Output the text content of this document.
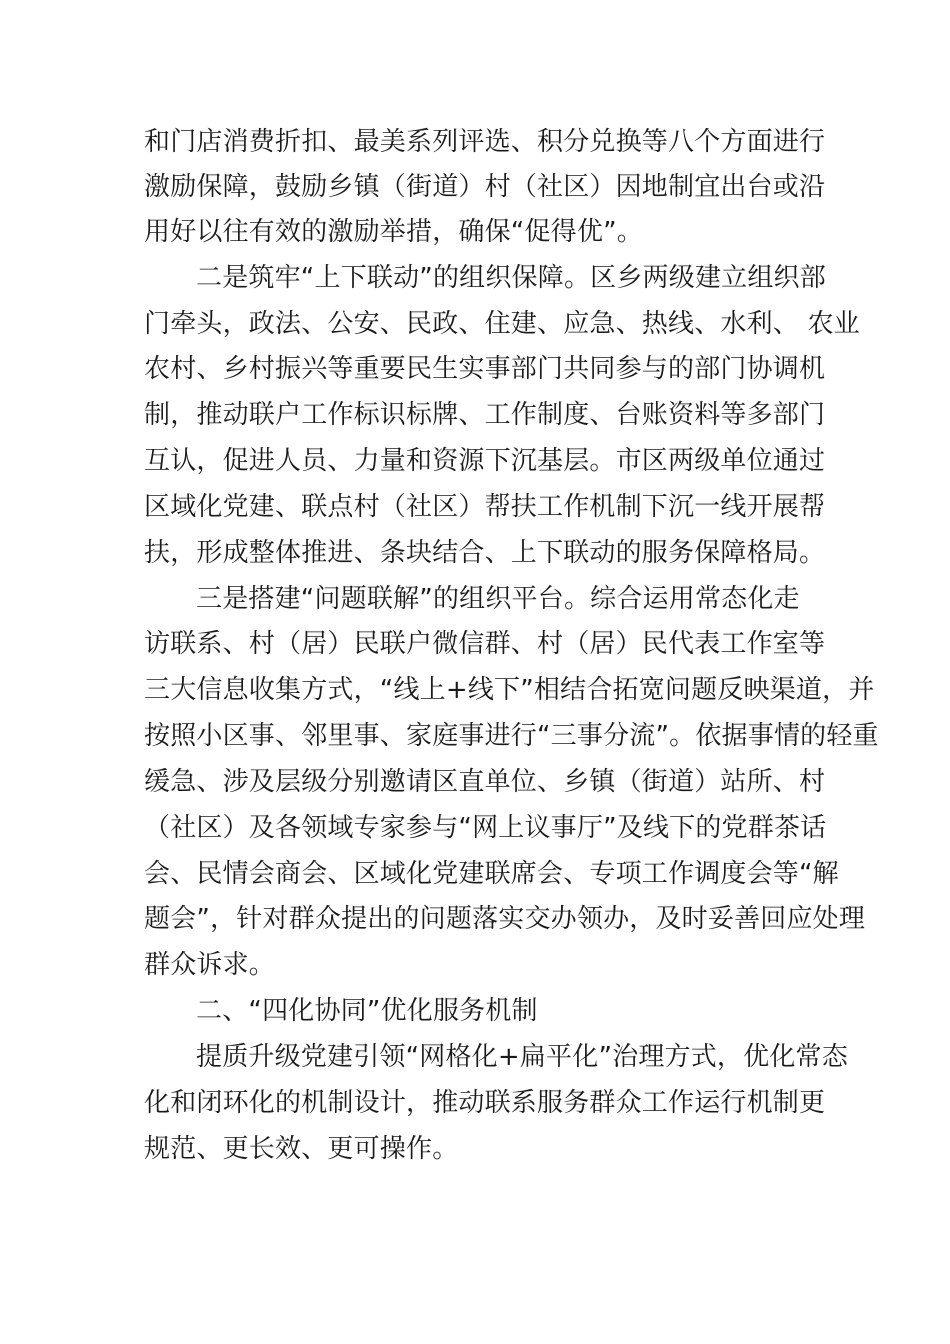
和门店消费折扣、最美系列评选、积分兑换等八个方面进行
激励保障，鼓励乡镇（街道）村（社区）因地制宜出台或沿
用好以往有效的激励举措，确保“促得优”。
二是筑牢“上下联动”的组织保障。区乡两级建立组织部
门牵头，政法、公安、民政、住建、应急、热线、水利、 农业
农村、乡村振兴等重要民生实事部门共同参与的部门协调机
制，推动联户工作标识标牌、工作制度、台账资料等多部门
互认，促进人员、力量和资源下沉基层。市区两级单位通过
区域化党建、联点村（社区）帮扶工作机制下沉一线开展帮
扶，形成整体推进、条块结合、上下联动的服务保障格局。
三是搭建“问题联解”的组织平台。综合运用常态化走
访联系、村（居）民联户微信群、村（居）民代表工作室等
三大信息收集方式，“线上+线下”相结合拓宽问题反映渠道，并
按照小区事、邻里事、家庭事进行“三事分流”。依据事情的轻重
缓急、涉及层级分别邀请区直单位、乡镇（街道）站所、村
（社区）及各领域专家参与“网上议事厅”及线下的党群茶话
会、民情会商会、区域化党建联席会、专项工作调度会等“解
题会”，针对群众提出的问题落实交办领办，及时妥善回应处理
群众诉求。
二、“四化协同”优化服务机制
提质升级党建引领“网格化+扁平化”治理方式，优化常态
化和闭环化的机制设计，推动联系服务群众工作运行机制更
规范、更长效、更可操作。
